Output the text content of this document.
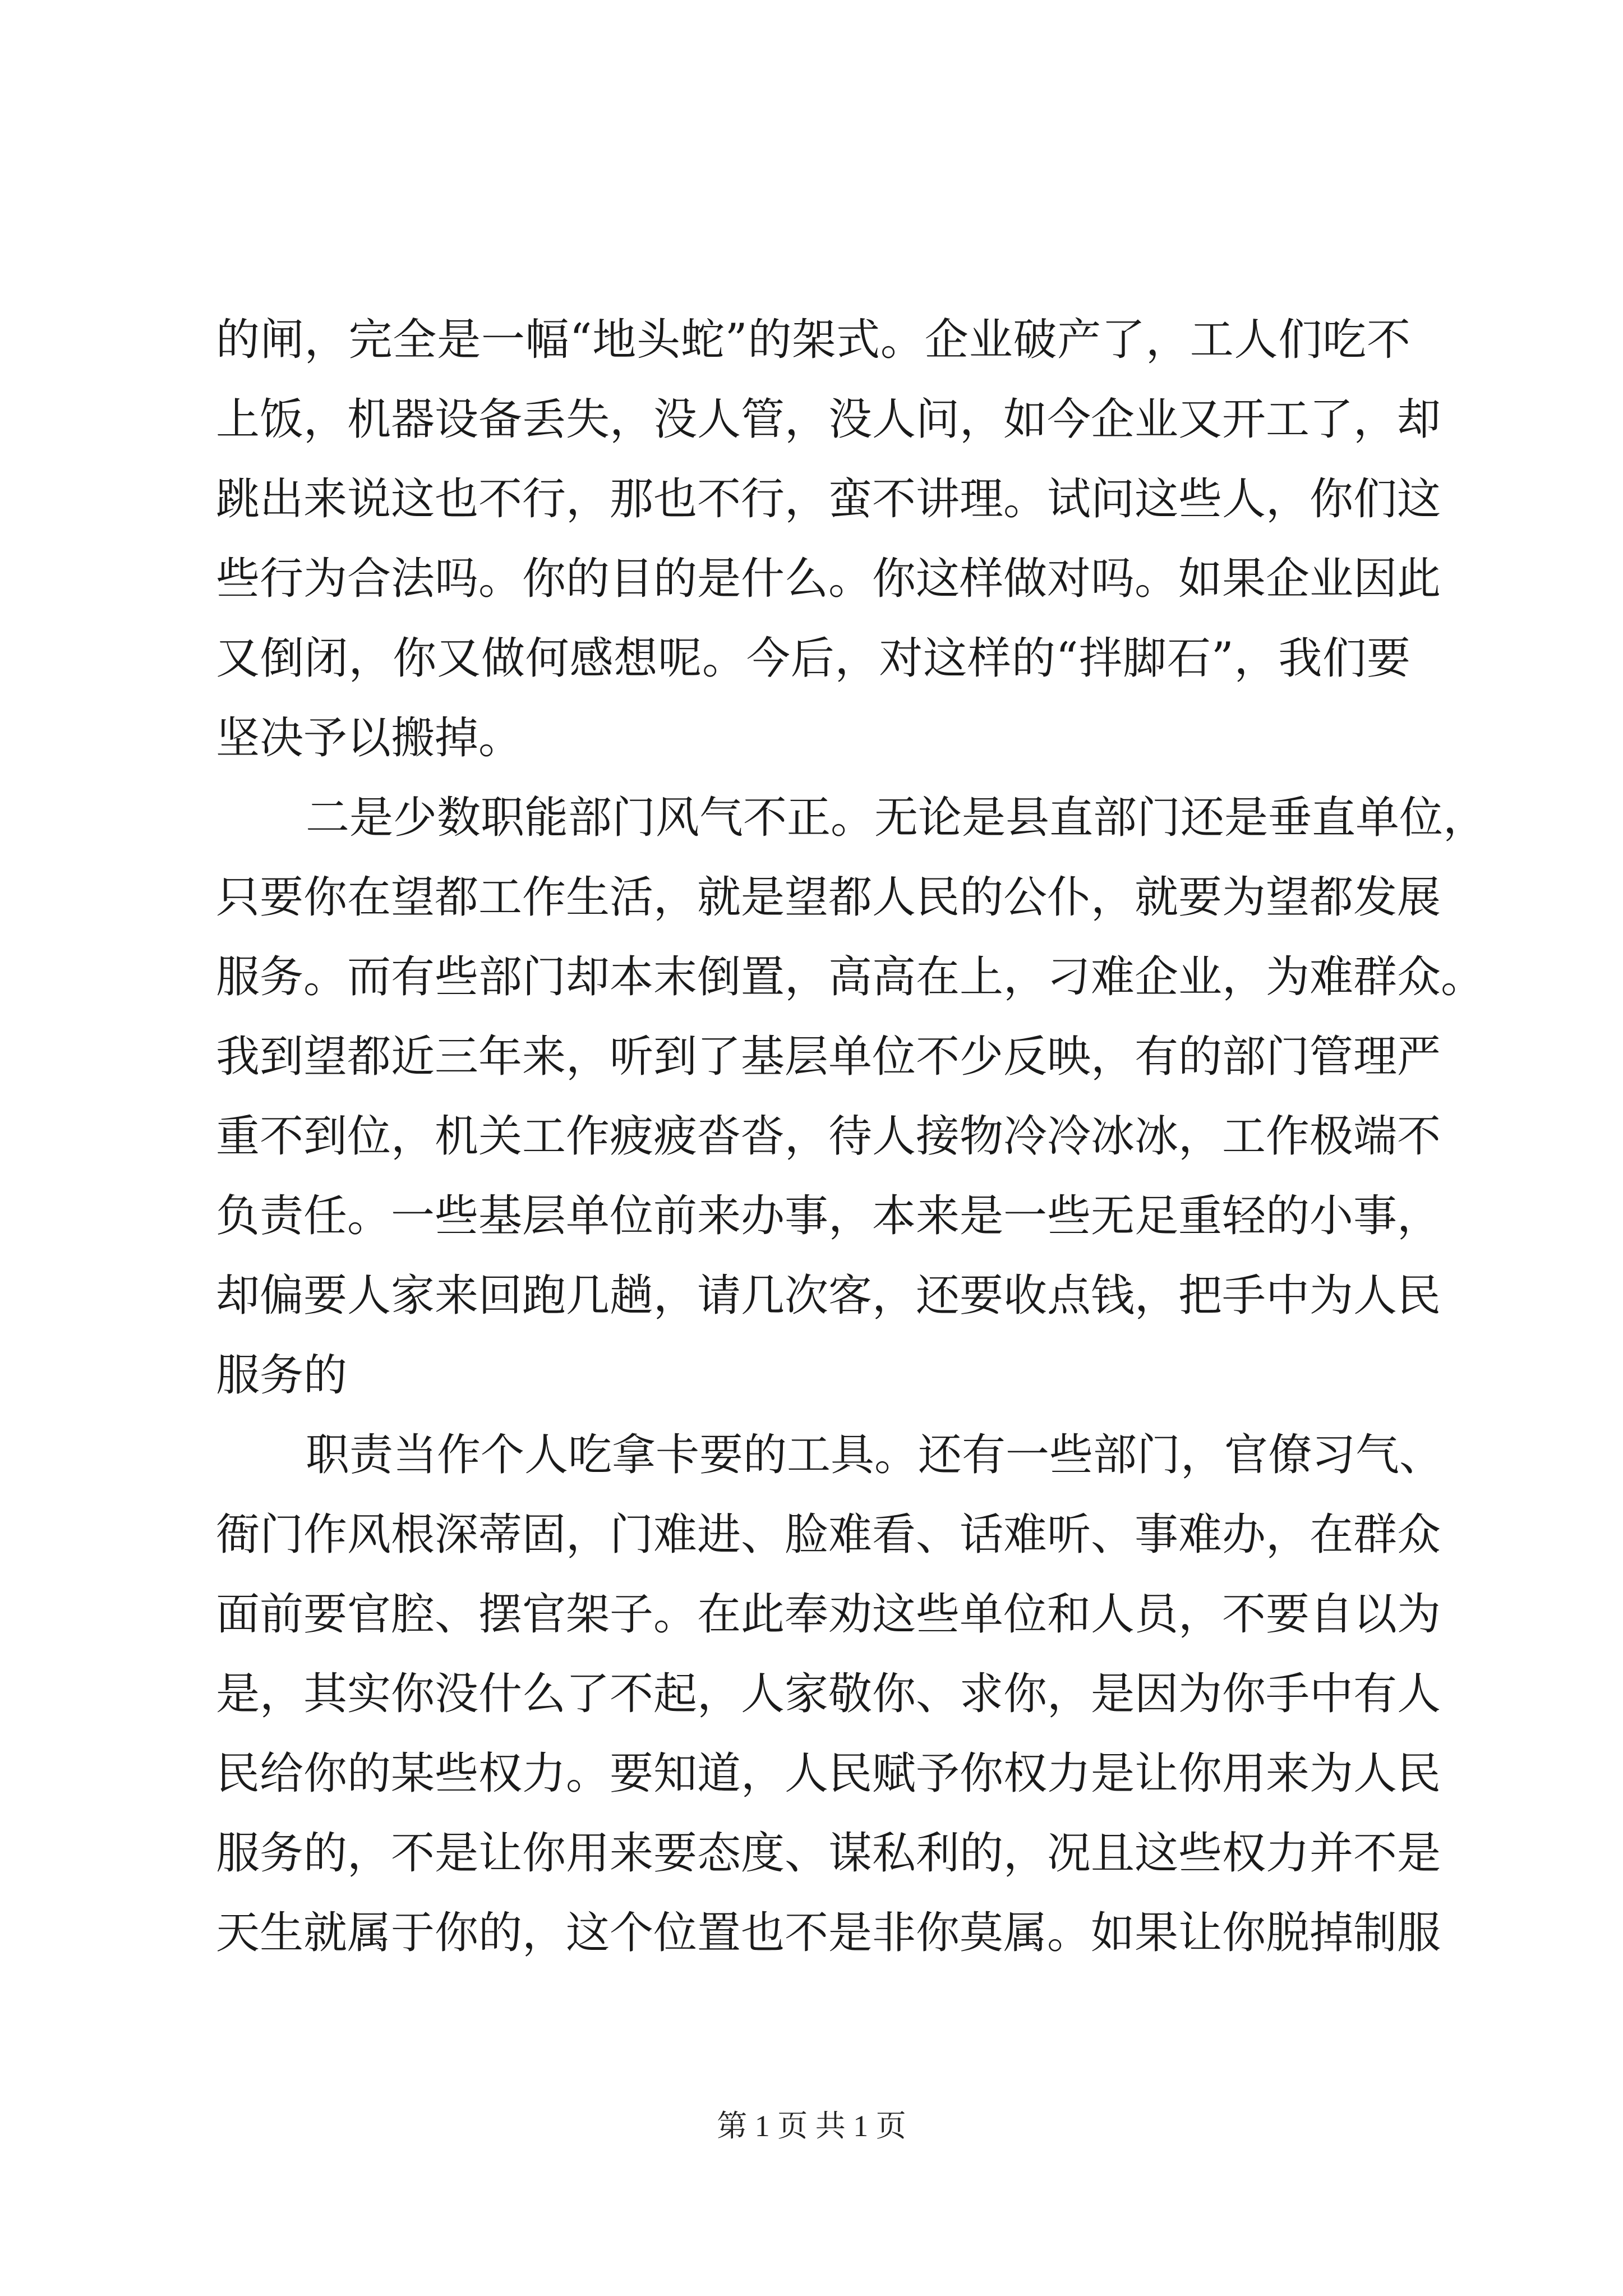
的闸，完全是一幅“地头蛇”的架式。企业破产了，工人们吃不
上饭，机器设备丢失，没人管，没人问，如今企业又开工了，却
跳出来说这也不行，那也不行，蛮不讲理。试问这些人，你们这
些行为合法吗。你的目的是什么。你这样做对吗。如果企业因此
又倒闭，你又做何感想呢。今后，对这样的“拌脚石”，我们要
坚决予以搬掉。
二是少数职能部门风气不正。无论是县直部门还是垂直单位，
只要你在望都工作生活，就是望都人民的公仆，就要为望都发展
服务。而有些部门却本末倒置，高高在上，刁难企业，为难群众。
我到望都近三年来，听到了基层单位不少反映，有的部门管理严
重不到位，机关工作疲疲沓沓，待人接物冷冷冰冰，工作极端不
负责任。一些基层单位前来办事，本来是一些无足重轻的小事，
却偏要人家来回跑几趟，请几次客，还要收点钱，把手中为人民
服务的
职责当作个人吃拿卡要的工具。还有一些部门，官僚习气、
衙门作风根深蒂固，门难进、脸难看、话难听、事难办，在群众
面前要官腔、摆官架子。在此奉劝这些单位和人员，不要自以为
是，其实你没什么了不起，人家敬你、求你，是因为你手中有人
民给你的某些权力。要知道，人民赋予你权力是让你用来为人民
服务的，不是让你用来要态度、谋私利的，况且这些权力并不是
天生就属于你的，这个位置也不是非你莫属。如果让你脱掉制服
第 1 页 共 1 页
